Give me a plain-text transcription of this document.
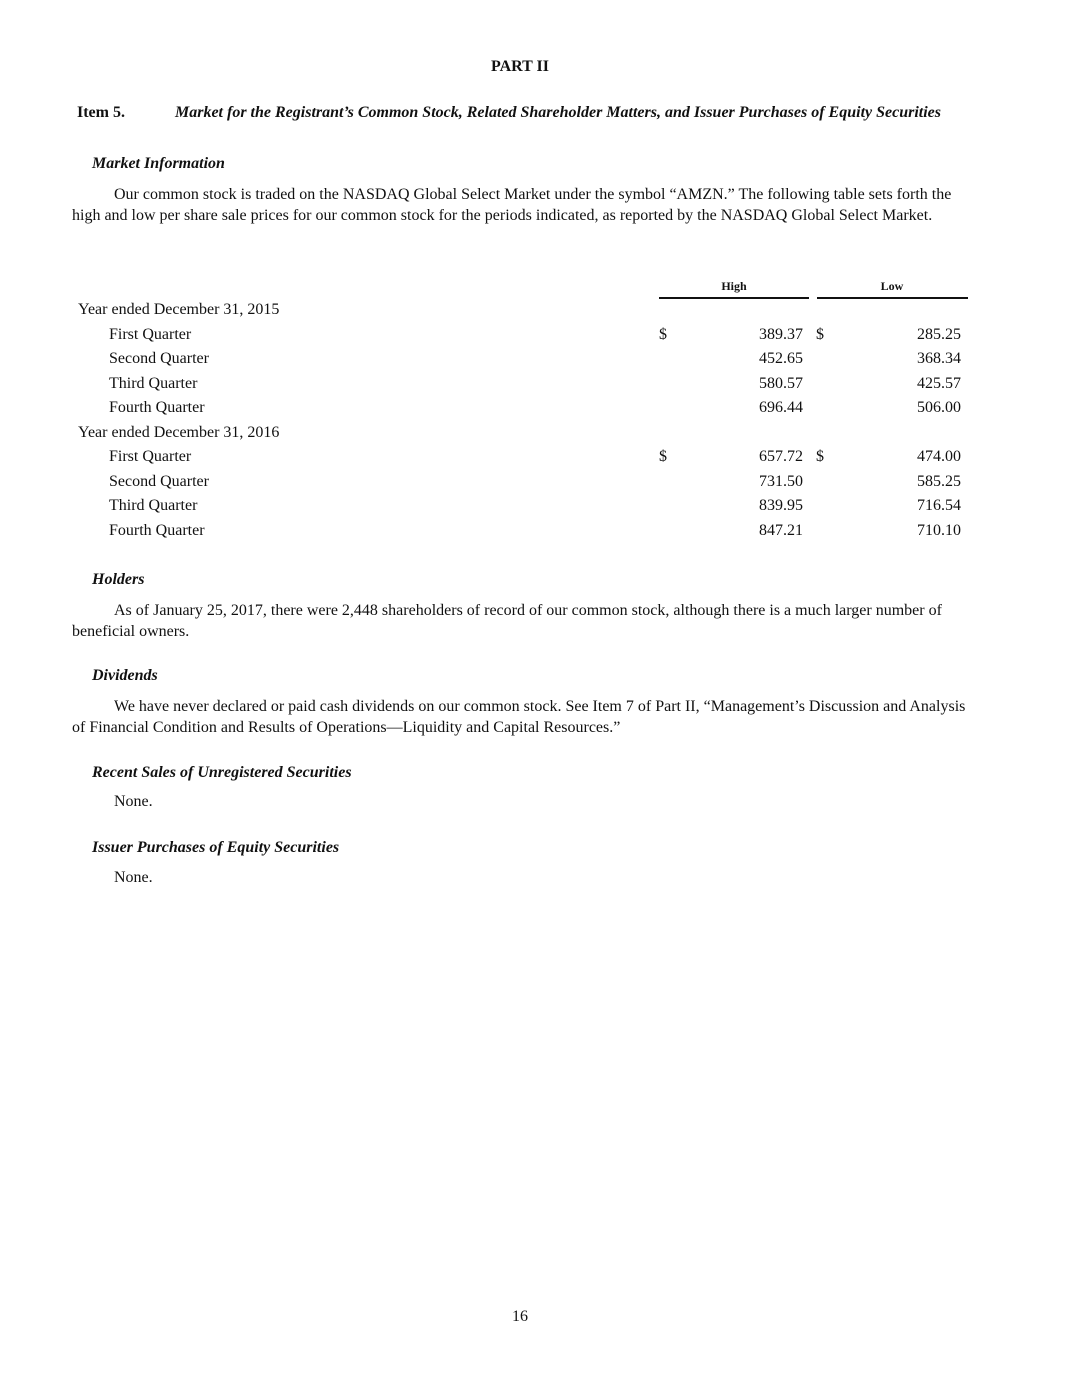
PART II
Item 5.	Market for the Registrant’s Common Stock, Related Shareholder Matters, and Issuer Purchases of Equity Securities
Market Information
Our common stock is traded on the NASDAQ Global Select Market under the symbol “AMZN.” The following table sets forth the high and low per share sale prices for our common stock for the periods indicated, as reported by the NASDAQ Global Select Market.
High	Low
Year ended December 31, 2015
First Quarter	$	389.37 $	285.25
Second Quarter	452.65	368.34
Third Quarter	580.57	425.57
Fourth Quarter	696.44	506.00
Year ended December 31, 2016
First Quarter	$	657.72 $	474.00
Second Quarter	731.50	585.25
Third Quarter	839.95	716.54
Fourth Quarter	847.21	710.10
Holders
As of January 25, 2017, there were 2,448 shareholders of record of our common stock, although there is a much larger number of beneficial owners.
Dividends
We have never declared or paid cash dividends on our common stock. See Item 7 of Part II, “Management’s Discussion and Analysis of Financial Condition and Results of Operations—Liquidity and Capital Resources.”
Recent Sales of Unregistered Securities
None.
Issuer Purchases of Equity Securities
None.
16
